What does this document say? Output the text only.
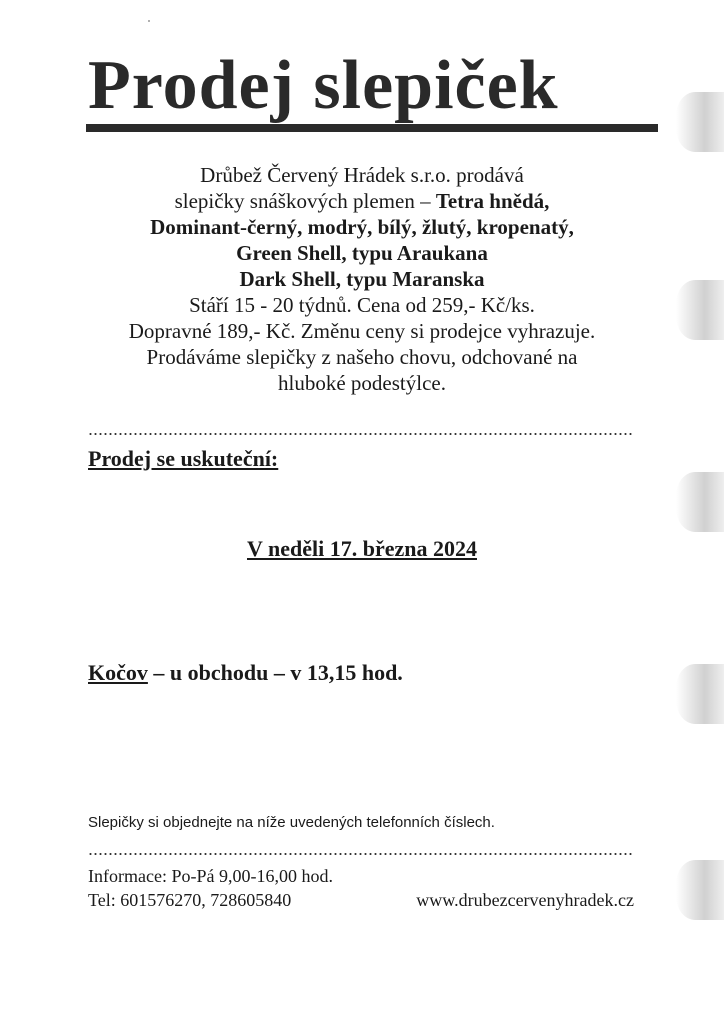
Prodej slepiček
Drůbež Červený Hrádek s.r.o. prodává
slepičky snáškových plemen – Tetra hnědá,
Dominant-černý, modrý, bílý, žlutý, kropenatý,
Green Shell, typu Araukana
Dark Shell, typu Maranska
Stáří 15 - 20 týdnů. Cena od 259,- Kč/ks.
Dopravné 189,- Kč. Změnu ceny si prodejce vyhrazuje.
Prodáváme slepičky z našeho chovu, odchované na
hluboké podestýlce.
Prodej se uskuteční:
V neděli 17. března 2024
Kočov – u obchodu – v 13,15 hod.
Slepičky si objednejte na níže uvedených telefonních číslech.
Informace: Po-Pá 9,00-16,00 hod.
Tel: 601576270, 728605840	www.drubezcervenyhradek.cz
